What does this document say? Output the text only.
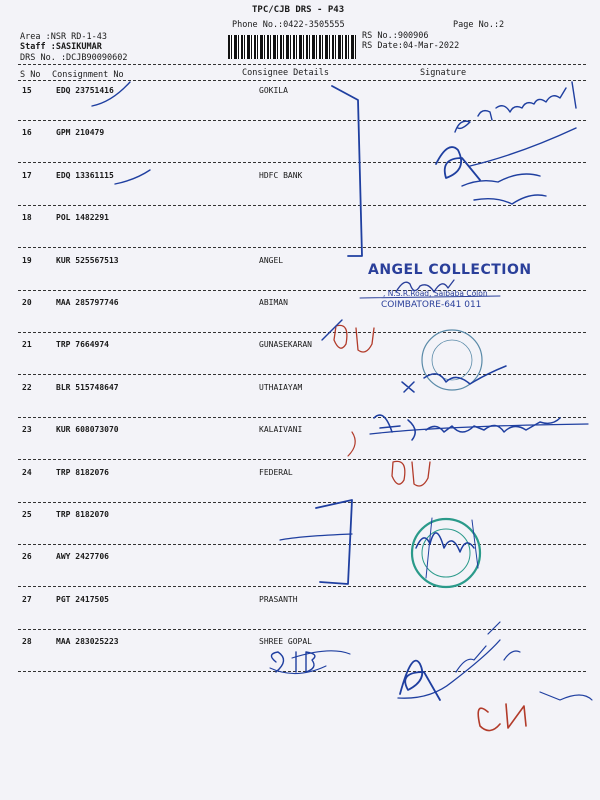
TPC/CJB DRS - P43
Phone No.:0422-3505555	Page No.:2
Area :NSR RD-1-43
Staff :SASIKUMAR
DRS No. :DCJB90090602
RS No.:900906
RS Date:04-Mar-2022
S No Consignment No	Consignee Details	Signature
15	EDQ 23751416	GOKILA
16	GPM 210479
17	EDQ 13361115	HDFC BANK
18	POL 1482291
19	KUR 525567513	ANGEL
20	MAA 285797746	ABIMAN
21	TRP 7664974	GUNASEKARAN
22	BLR 515748647	UTHAIAYAM
23	KUR 608073070	KALAIVANI
24	TRP 8182076	FEDERAL
25	TRP 8182070
26	AWY 2427706
27	PGT 2417505	PRASANTH
28	MAA 283025223	SHREE GOPAL
ANGEL COLLECTION
, N.S.R.Road, Saibaba Colon
COIMBATORE-641 011
